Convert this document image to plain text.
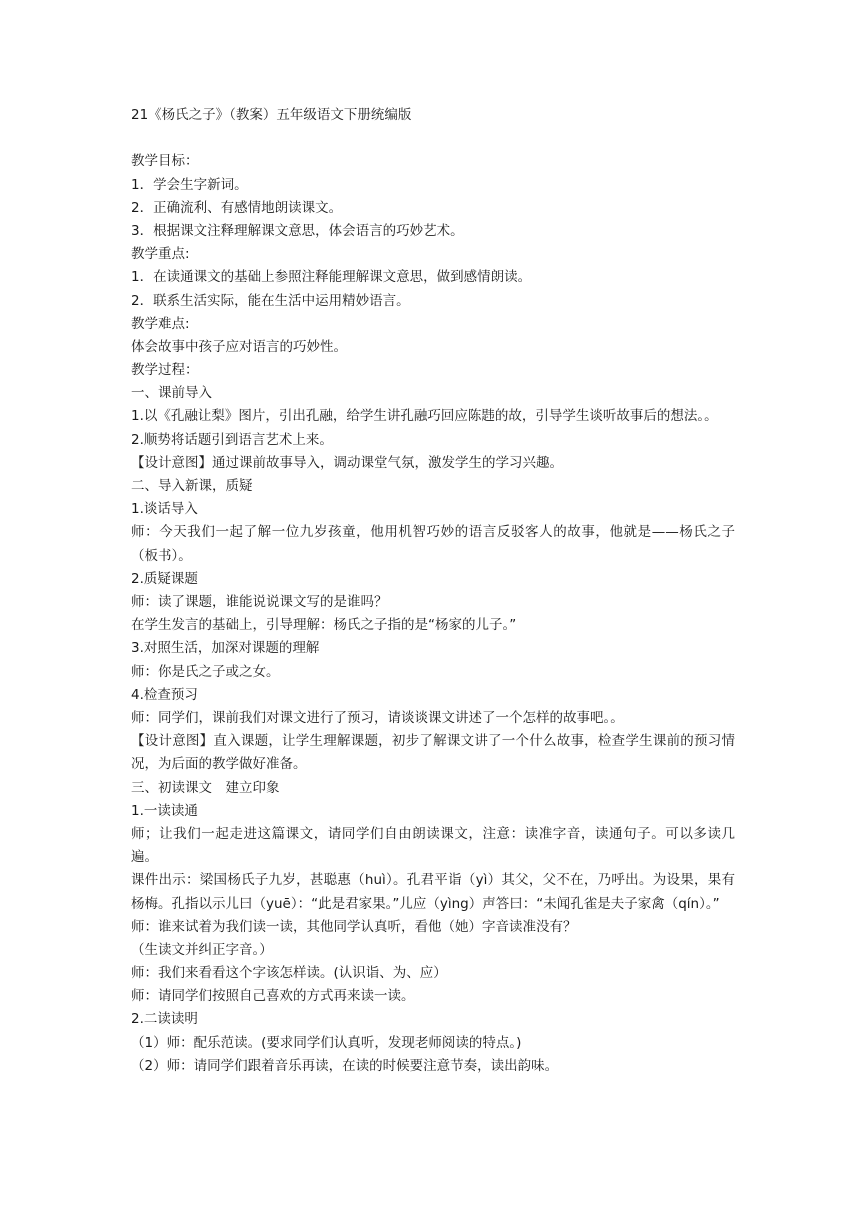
21《杨氏之子》（教案）五年级语文下册统编版
教学目标：
1．学会生字新词。
2．正确流利、有感情地朗读课文。
3．根据课文注释理解课文意思，体会语言的巧妙艺术。
教学重点:
1．在读通课文的基础上参照注释能理解课文意思，做到感情朗读。
2．联系生活实际，能在生活中运用精妙语言。
教学难点:
体会故事中孩子应对语言的巧妙性。
教学过程：
一、课前导入
1.以《孔融让梨》图片，引出孔融，给学生讲孔融巧回应陈韪的故，引导学生谈听故事后的想法。。
2.顺势将话题引到语言艺术上来。
【设计意图】通过课前故事导入，调动课堂气氛，激发学生的学习兴趣。
二、导入新课，质疑
1.谈话导入
师：今天我们一起了解一位九岁孩童，他用机智巧妙的语言反驳客人的故事，他就是——杨氏之子（板书）。
2.质疑课题
师：读了课题，谁能说说课文写的是谁吗？
在学生发言的基础上，引导理解：杨氏之子指的是“杨家的儿子。”
3.对照生活，加深对课题的理解
师：你是氏之子或之女。
4.检查预习
师：同学们，课前我们对课文进行了预习，请谈谈课文讲述了一个怎样的故事吧。。
【设计意图】直入课题，让学生理解课题，初步了解课文讲了一个什么故事，检查学生课前的预习情况，为后面的教学做好准备。
三、初读课文　建立印象
1.一读读通
师；让我们一起走进这篇课文，请同学们自由朗读课文，注意：读准字音，读通句子。可以多读几遍。
课件出示：梁国杨氏子九岁，甚聪惠（huì）。孔君平诣（yì）其父，父不在，乃呼出。为设果，果有杨梅。孔指以示儿曰（yuē）：“此是君家果。”儿应（yìng）声答曰：“未闻孔雀是夫子家禽（qín）。”
师：谁来试着为我们读一读，其他同学认真听，看他（她）字音读准没有？
（生读文并纠正字音。）
师：我们来看看这个字该怎样读。(认识诣、为、应）
师：请同学们按照自己喜欢的方式再来读一读。
2.二读读明
（1）师：配乐范读。(要求同学们认真听，发现老师阅读的特点。)
（2）师：请同学们跟着音乐再读，在读的时候要注意节奏，读出韵味。
